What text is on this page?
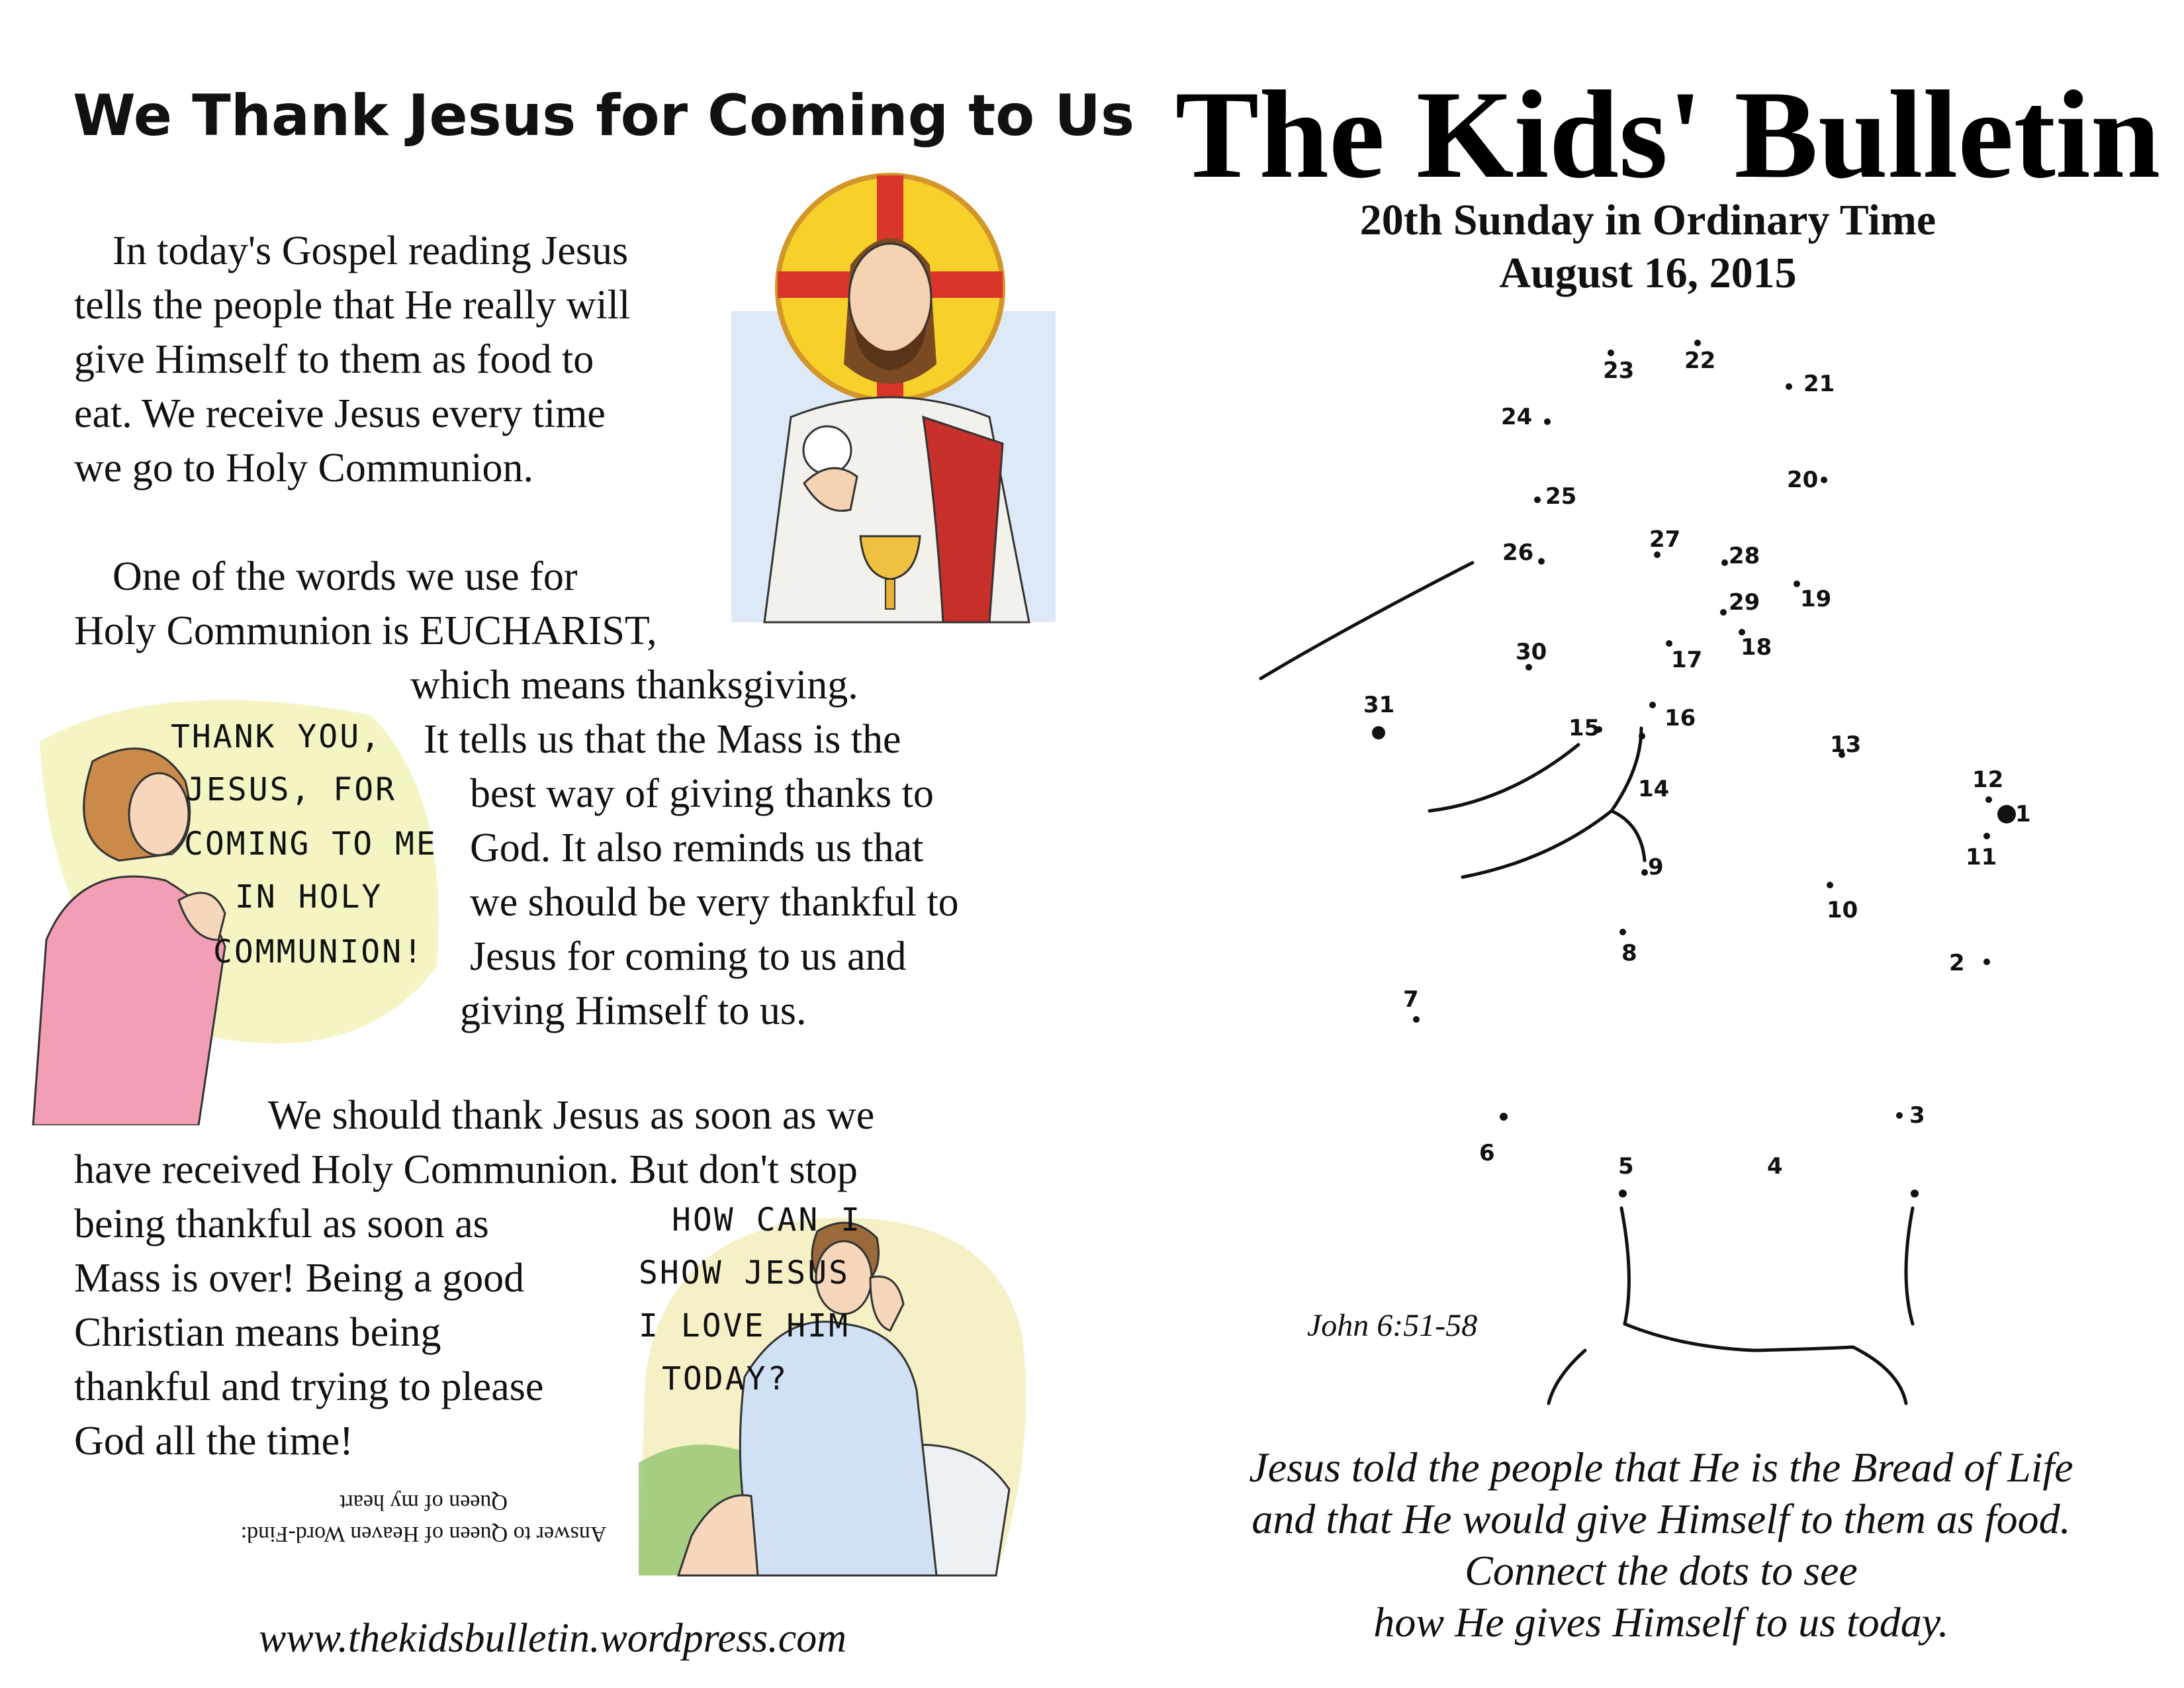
We Thank Jesus for Coming to Us
In today's Gospel reading Jesus
tells the people that He really will
give Himself to them as food to
eat. We receive Jesus every time
we go to Holy Communion.
One of the words we use for
Holy Communion is EUCHARIST,
which means thanksgiving.
It tells us that the Mass is the
best way of giving thanks to
God. It also reminds us that
we should be very thankful to
Jesus for coming to us and
giving Himself to us.
We should thank Jesus as soon as we
have received Holy Communion. But don't stop
being thankful as soon as
Mass is over! Being a good
Christian means being
thankful and trying to please
God all the time!
THANK YOU,
JESUS, FOR
COMING TO ME
IN HOLY
COMMUNION!
HOW CAN I
SHOW JESUS
I LOVE HIM
TODAY?
Answer to Queen of Heaven Word-Find:
Queen of my heart
www.thekidsbulletin.wordpress.com
The Kids' Bulletin
20th Sunday in Ordinary Time
August 16, 2015
1
2
3
4
5
6
7
8
9
10
11
12
13
14
15	16
17 18
19
20
21
22
23
24
25
26	27
28
29
30
31
John 6:51-58
Jesus told the people that He is the Bread of Life
and that He would give Himself to them as food.
Connect the dots to see
how He gives Himself to us today.
